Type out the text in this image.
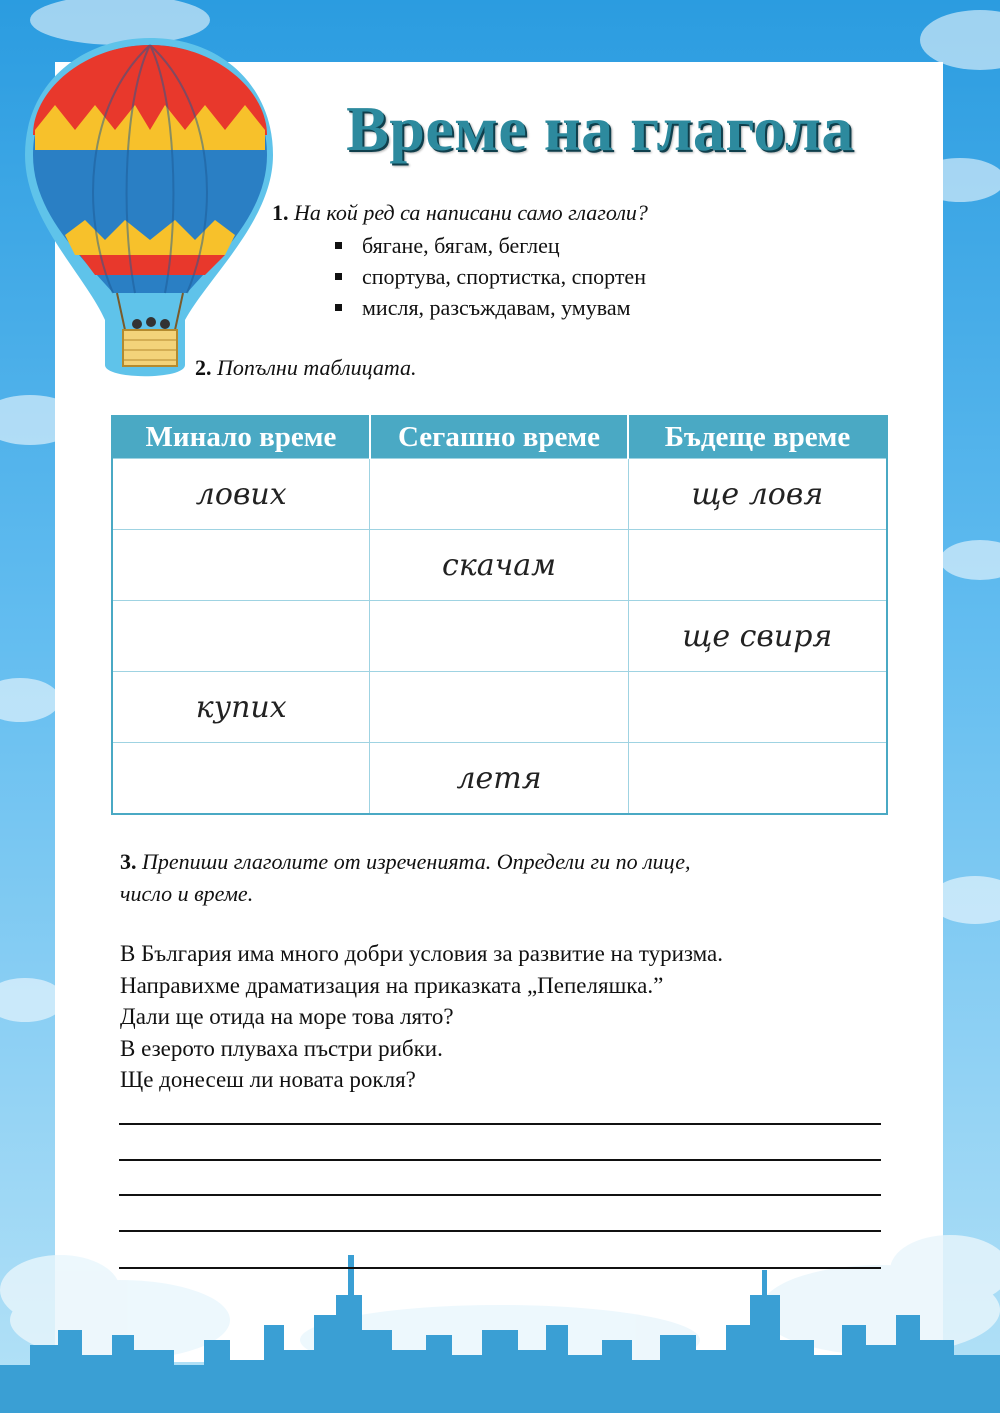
Време на глагола
1. На кой ред са написани само глаголи?
бягане, бягам, беглец
спортува, спортистка, спортен
мисля, разсъждавам, умувам
2. Попълни таблицата.
Минало време	Сегашно време	Бъдеще време
лових		ще ловя
	скачам	
		ще свиря
купих		
	летя	
3. Препиши глаголите от изреченията. Определи ги по лице,
число и време.
В България има много добри условия за развитие на туризма.
Направихме драматизация на приказката „Пепеляшка.”
Дали ще отида на море това лято?
В езерото плуваха пъстри рибки.
Ще донесеш ли новата рокля?
